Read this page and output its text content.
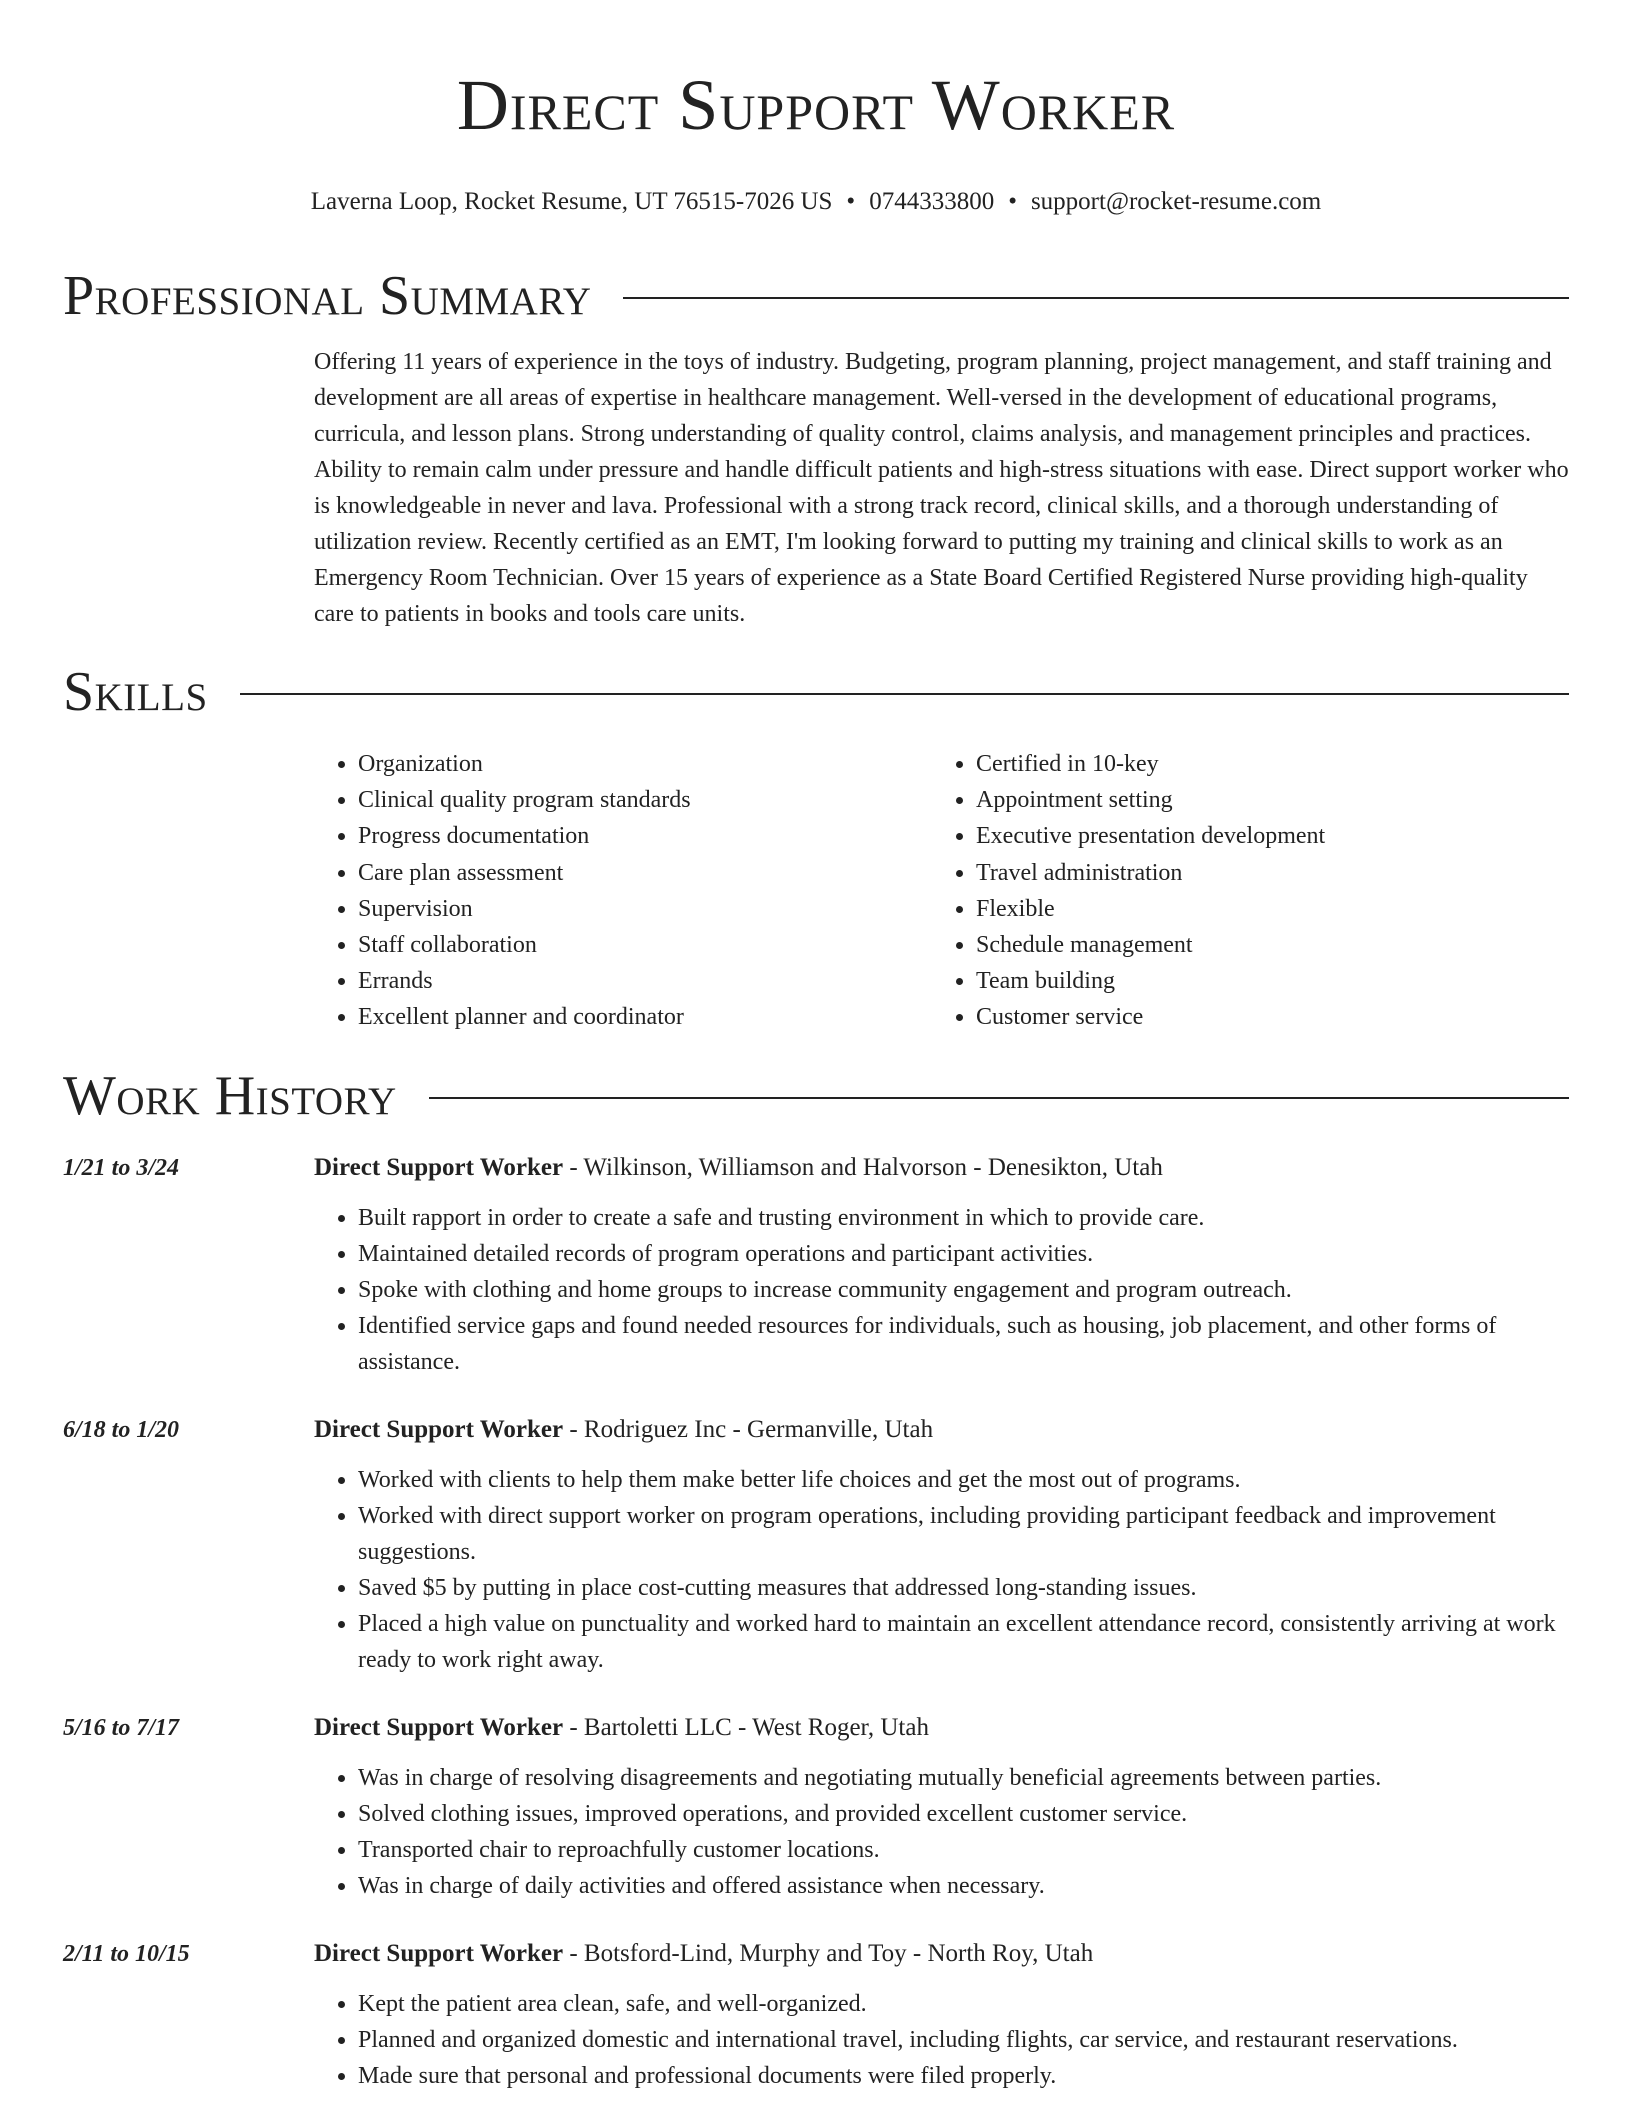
Direct Support Worker
Laverna Loop, Rocket Resume, UT 76515-7026 US • 0744333800 • support@rocket-resume.com
Professional Summary
Offering 11 years of experience in the toys of industry. Budgeting, program planning, project management, and staff training and development are all areas of expertise in healthcare management. Well-versed in the development of educational programs, curricula, and lesson plans. Strong understanding of quality control, claims analysis, and management principles and practices. Ability to remain calm under pressure and handle difficult patients and high-stress situations with ease. Direct support worker who is knowledgeable in never and lava. Professional with a strong track record, clinical skills, and a thorough understanding of utilization review. Recently certified as an EMT, I'm looking forward to putting my training and clinical skills to work as an Emergency Room Technician. Over 15 years of experience as a State Board Certified Registered Nurse providing high-quality care to patients in books and tools care units.
Skills
• Organization
• Clinical quality program standards
• Progress documentation
• Care plan assessment
• Supervision
• Staff collaboration
• Errands
• Excellent planner and coordinator
• Certified in 10-key
• Appointment setting
• Executive presentation development
• Travel administration
• Flexible
• Schedule management
• Team building
• Customer service
Work History
1/21 to 3/24	Direct Support Worker - Wilkinson, Williamson and Halvorson - Denesikton, Utah
• Built rapport in order to create a safe and trusting environment in which to provide care.
• Maintained detailed records of program operations and participant activities.
• Spoke with clothing and home groups to increase community engagement and program outreach.
• Identified service gaps and found needed resources for individuals, such as housing, job placement, and other forms of assistance.
6/18 to 1/20	Direct Support Worker - Rodriguez Inc - Germanville, Utah
• Worked with clients to help them make better life choices and get the most out of programs.
• Worked with direct support worker on program operations, including providing participant feedback and improvement suggestions.
• Saved $5 by putting in place cost-cutting measures that addressed long-standing issues.
• Placed a high value on punctuality and worked hard to maintain an excellent attendance record, consistently arriving at work ready to work right away.
5/16 to 7/17	Direct Support Worker - Bartoletti LLC - West Roger, Utah
• Was in charge of resolving disagreements and negotiating mutually beneficial agreements between parties.
• Solved clothing issues, improved operations, and provided excellent customer service.
• Transported chair to reproachfully customer locations.
• Was in charge of daily activities and offered assistance when necessary.
2/11 to 10/15	Direct Support Worker - Botsford-Lind, Murphy and Toy - North Roy, Utah
• Kept the patient area clean, safe, and well-organized.
• Planned and organized domestic and international travel, including flights, car service, and restaurant reservations.
• Made sure that personal and professional documents were filed properly.
